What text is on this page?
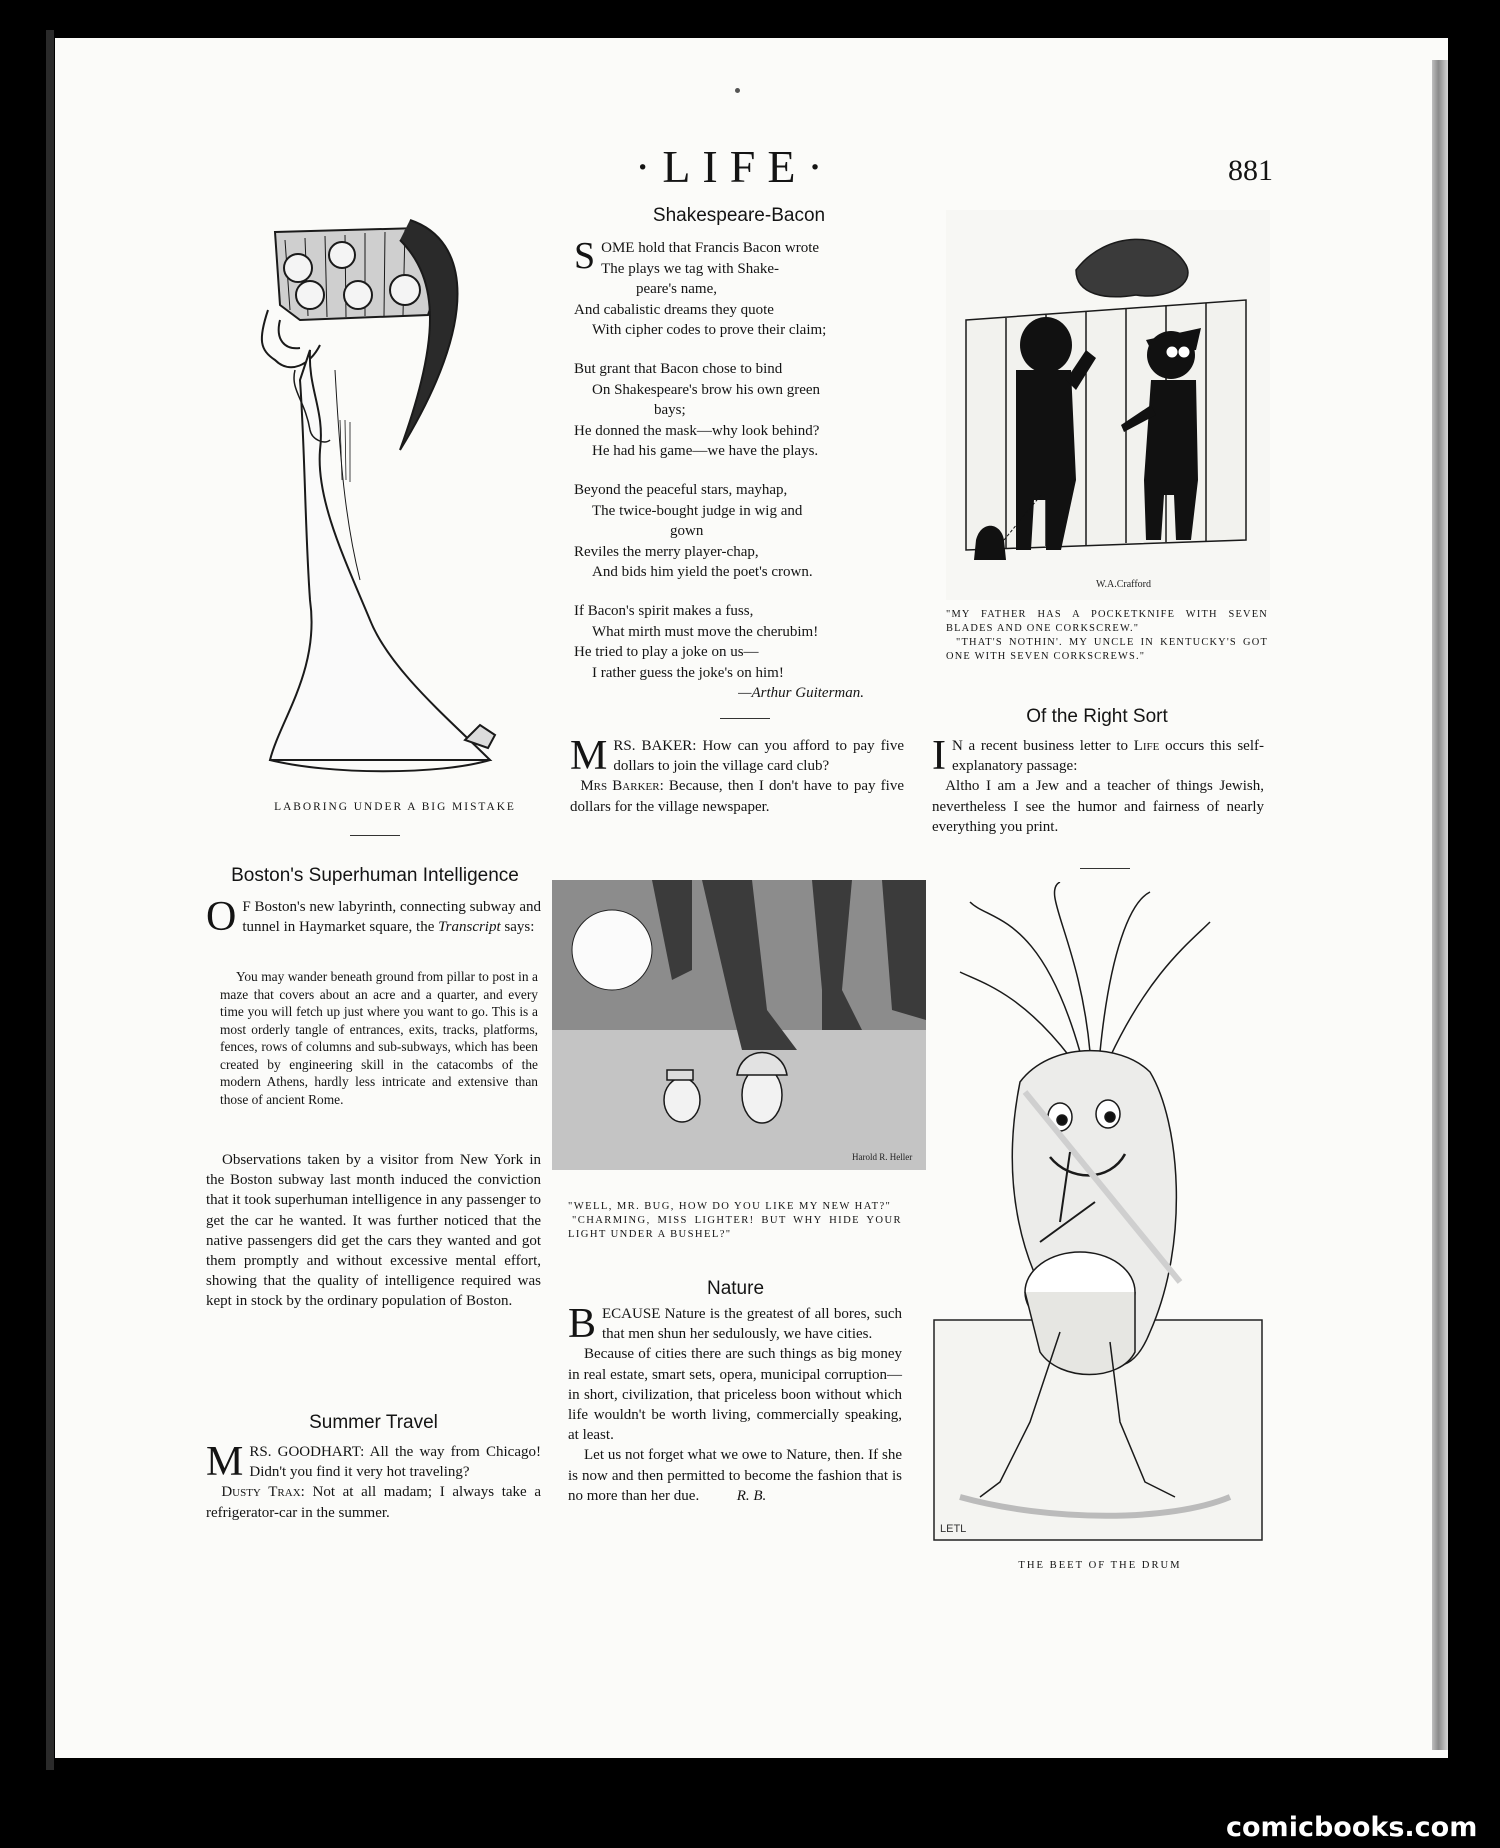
·LIFE·	881
LABORING UNDER A BIG MISTAKE
Shakespeare-Bacon
S OME hold that Francis Bacon wrote
The plays we tag with Shake-
peare's name,
And cabalistic dreams they quote
With cipher codes to prove their claim;
But grant that Bacon chose to bind
On Shakespeare's brow his own green
bays;
He donned the mask—why look behind?
He had his game—we have the plays.
Beyond the peaceful stars, mayhap,
The twice-bought judge in wig and
gown
Reviles the merry player-chap,
And bids him yield the poet's crown.
If Bacon's spirit makes a fuss,
What mirth must move the cherubim!
He tried to play a joke on us—
I rather guess the joke's on him!
—Arthur Guiterman.
MRS. BAKER: How can you afford to pay five dollars to join the village card club?
Mrs Barker: Because, then I don't have to pay five dollars for the village newspaper.
W.A.Crafford
"MY FATHER HAS A POCKETKNIFE WITH SEVEN BLADES AND ONE CORKSCREW."
"THAT'S NOTHIN'. MY UNCLE IN KENTUCKY'S GOT ONE WITH SEVEN CORKSCREWS."
Of the Right Sort
I N a recent business letter to Life occurs this self-explanatory passage:
Altho I am a Jew and a teacher of things Jewish, nevertheless I see the humor and fairness of nearly everything you print.
Boston's Superhuman Intelligence
O F Boston's new labyrinth, connecting subway and tunnel in Haymarket square, the Transcript says:
You may wander beneath ground from pillar to post in a maze that covers about an acre and a quarter, and every time you will fetch up just where you want to go. This is a most orderly tangle of entrances, exits, tracks, platforms, fences, rows of columns and sub-subways, which has been created by engineering skill in the catacombs of the modern Athens, hardly less intricate and extensive than those of ancient Rome.
Observations taken by a visitor from New York in the Boston subway last month induced the conviction that it took superhuman intelligence in any passenger to get the car he wanted. It was further noticed that the native passengers did get the cars they wanted and got them promptly and without excessive mental effort, showing that the quality of intelligence required was kept in stock by the ordinary population of Boston.
Summer Travel
MRS. GOODHART: All the way from Chicago! Didn't you find it very hot traveling?
Dusty Trax: Not at all madam; I always take a refrigerator-car in the summer.
Harold R. Heller
"WELL, MR. BUG, HOW DO YOU LIKE MY NEW HAT?"
"CHARMING, MISS LIGHTER! BUT WHY HIDE YOUR LIGHT UNDER A BUSHEL?"
Nature
BECAUSE Nature is the greatest of all bores, such that men shun her sedulously, we have cities.
Because of cities there are such things as big money in real estate, smart sets, opera, municipal corruption—in short, civilization, that priceless boon without which life wouldn't be worth living, commercially speaking, at least.
Let us not forget what we owe to Nature, then. If she is now and then permitted to become the fashion that is no more than her due.	R. B.
LETL
THE BEET OF THE DRUM
comicbooks.com
